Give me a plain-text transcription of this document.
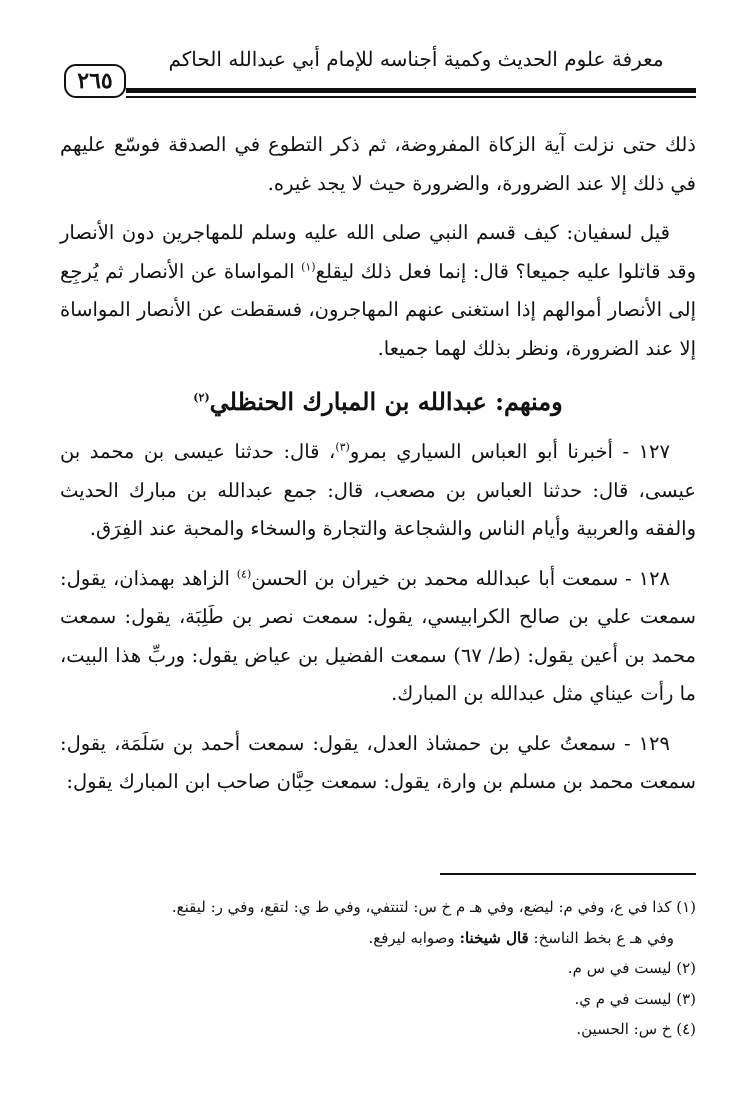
معرفة علوم الحديث وكمية أجناسه للإمام أبي عبدالله الحاكم
٢٦٥

ذلك حتى نزلت آية الزكاة المفروضة، ثم ذكر التطوع في الصدقة فوسّع عليهم في ذلك إلا عند الضرورة، والضرورة حيث لا يجد غيره.

قيل لسفيان: كيف قسم النبي صلى الله عليه وسلم للمهاجرين دون الأنصار وقد قاتلوا عليه جميعا؟ قال: إنما فعل ذلك ليقلع$^{(١)}$ المواساة عن الأنصار ثم يُرجِع إلى الأنصار أموالهم إذا استغنى عنهم المهاجرون، فسقطت عن الأنصار المواساة إلا عند الضرورة، ونظر بذلك لهما جميعا.

ومنهم: عبدالله بن المبارك الحنظلي$^{(٢)}$

١٢٧ - أخبرنا أبو العباس السياري بمرو$^{(٣)}$، قال: حدثنا عيسى بن محمد بن عيسى، قال: حدثنا العباس بن مصعب، قال: جمع عبدالله بن مبارك الحديث والفقه والعربية وأيام الناس والشجاعة والتجارة والسخاء والمحبة عند الفِرَق.

١٢٨ - سمعت أبا عبدالله محمد بن خيران بن الحسن$^{(٤)}$ الزاهد بهمذان، يقول: سمعت علي بن صالح الكرابيسي، يقول: سمعت نصر بن طَلِبَة، يقول: سمعت محمد بن أعين يقول: (ط/ ٦٧) سمعت الفضيل بن عياض يقول: وربِّ هذا البيت، ما رأت عيناي مثل عبدالله بن المبارك.

١٢٩ - سمعتُ علي بن حمشاذ العدل، يقول: سمعت أحمد بن سَلَمَة، يقول: سمعت محمد بن مسلم بن وارة، يقول: سمعت حِبَّان صاحب ابن المبارك يقول:

(١) كذا في ع، وفي م: ليضع، وفي هـ م خ س: لتنتفي، وفي ط ي: لتقع، وفي ر: ليقنع.
وفي هـ ع بخط الناسخ: قال شيخنا: وصوابه ليرفع.
(٢) ليست في س م.
(٣) ليست في م ي.
(٤) خ س: الحسين.
